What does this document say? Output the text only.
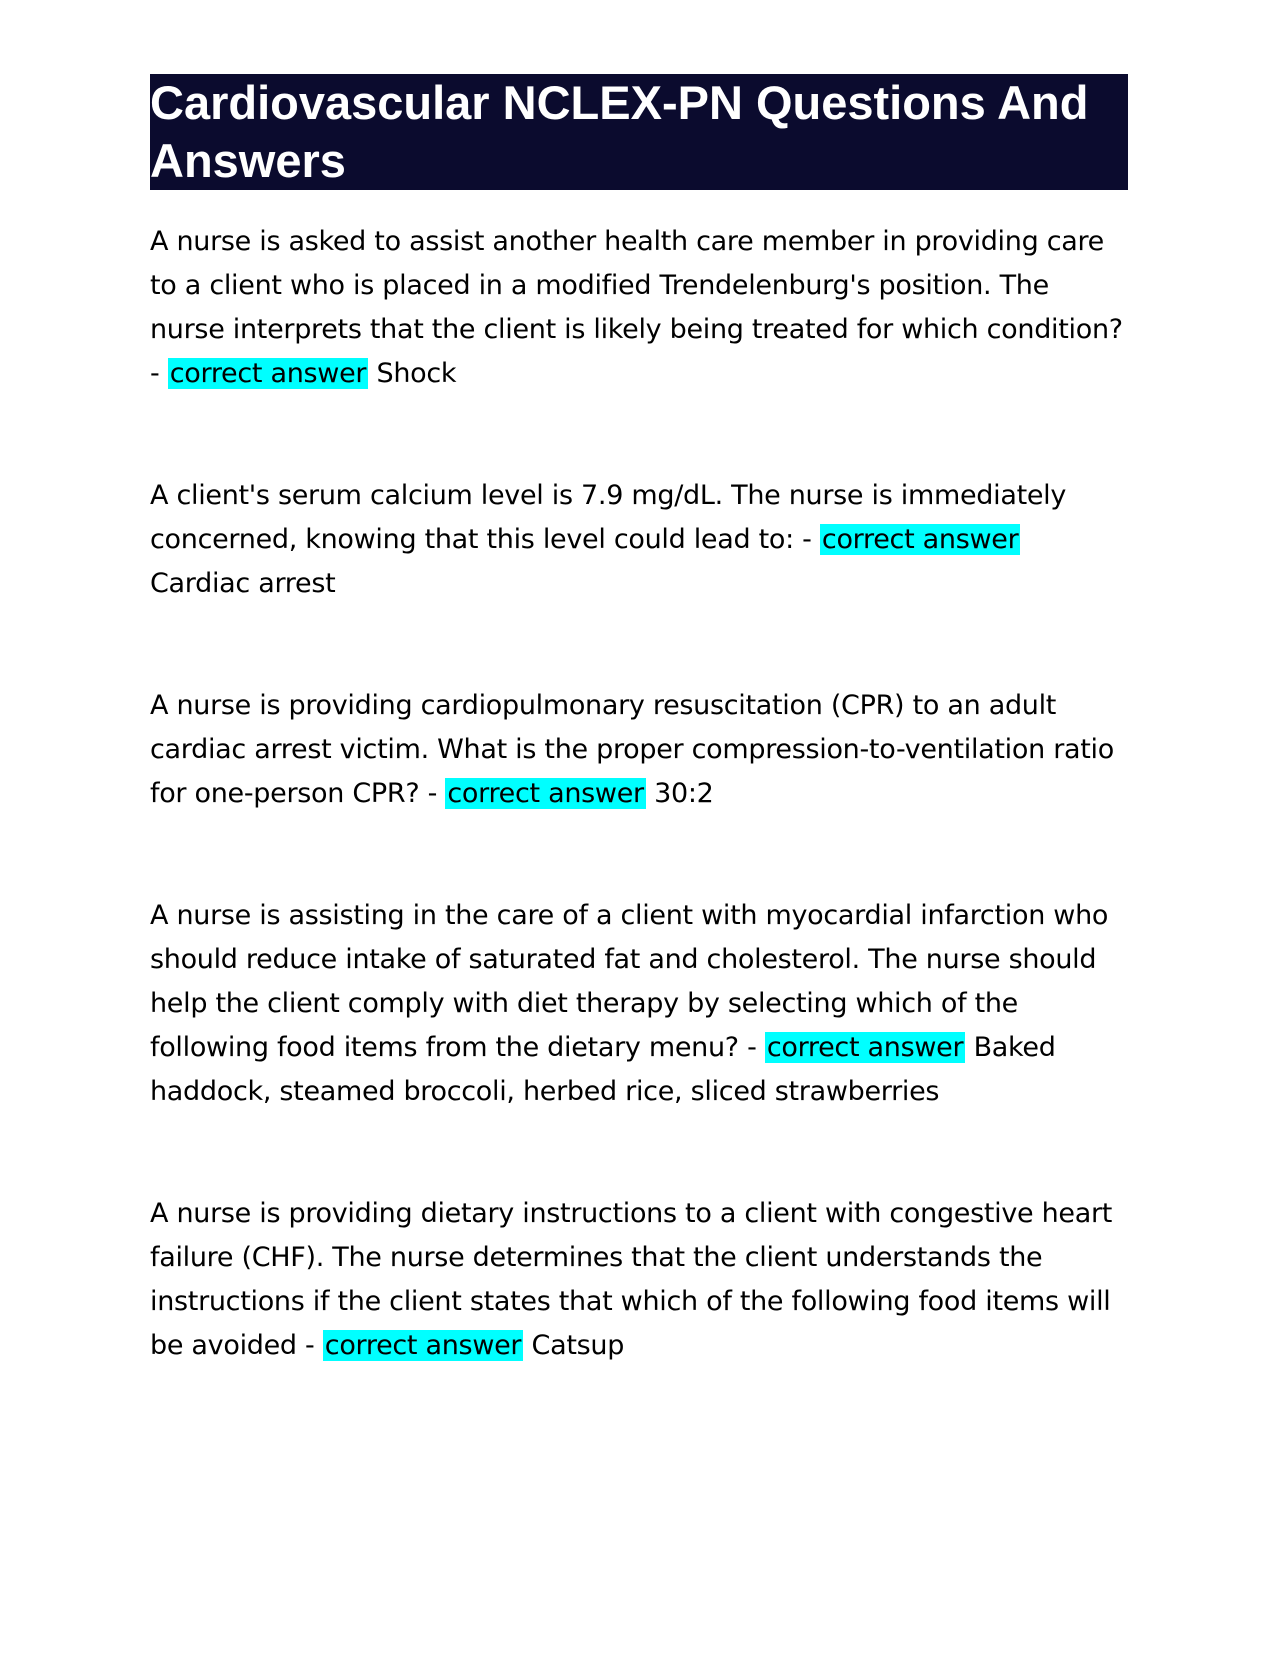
Cardiovascular NCLEX-PN Questions And Answers

A nurse is asked to assist another health care member in providing care to a client who is placed in a modified Trendelenburg's position. The nurse interprets that the client is likely being treated for which condition? - correct answer Shock

A client's serum calcium level is 7.9 mg/dL. The nurse is immediately concerned, knowing that this level could lead to: - correct answer Cardiac arrest

A nurse is providing cardiopulmonary resuscitation (CPR) to an adult cardiac arrest victim. What is the proper compression-to-ventilation ratio for one-person CPR? - correct answer 30:2

A nurse is assisting in the care of a client with myocardial infarction who should reduce intake of saturated fat and cholesterol. The nurse should help the client comply with diet therapy by selecting which of the following food items from the dietary menu? - correct answer Baked haddock, steamed broccoli, herbed rice, sliced strawberries

A nurse is providing dietary instructions to a client with congestive heart failure (CHF). The nurse determines that the client understands the instructions if the client states that which of the following food items will be avoided - correct answer Catsup
